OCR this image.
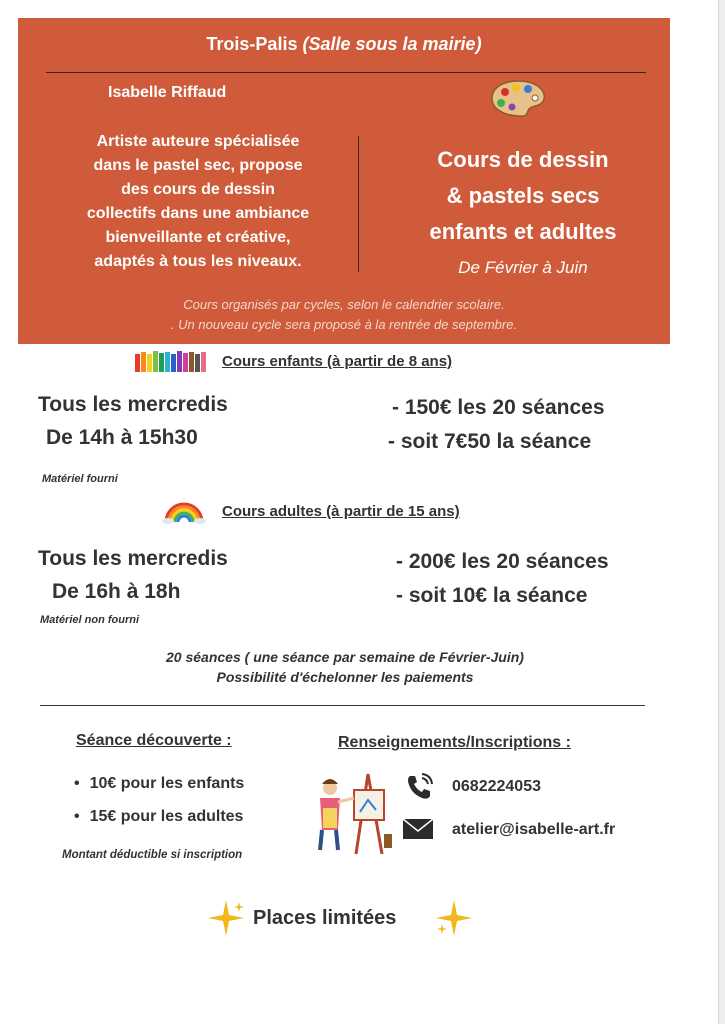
Trois-Palis (Salle sous la mairie)
Isabelle Riffaud
Artiste auteure spécialisée
dans le pastel sec, propose
des cours de dessin
collectifs dans une ambiance
bienveillante et créative,
adaptés à tous les niveaux.
Cours de dessin
& pastels secs
enfants et adultes
De Février à Juin
Cours organisés par cycles, selon le calendrier scolaire.
. Un nouveau cycle sera proposé à la rentrée de septembre.
Cours enfants (à partir de 8 ans)
Tous les mercredis
De 14h à 15h30
- 150€ les 20 séances
- soit 7€50 la séance
Matériel fourni
Cours adultes (à partir de 15 ans)
Tous les mercredis
De 16h à 18h
- 200€ les 20 séances
- soit 10€ la séance
Matériel non fourni
20 séances ( une séance par semaine de Février-Juin)
Possibilité d'échelonner les paiements
Séance découverte :
• 10€ pour les enfants
• 15€ pour les adultes
Montant déductible si inscription
Renseignements/Inscriptions :
0682224053
atelier@isabelle-art.fr
Places limitées
